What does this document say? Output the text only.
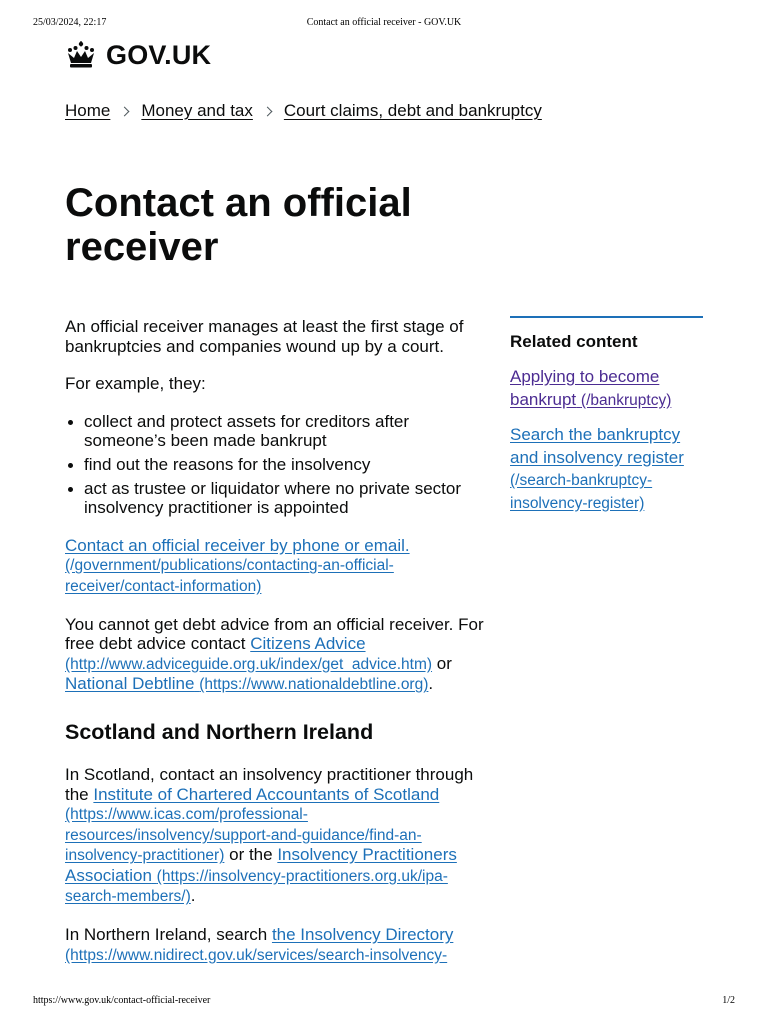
25/03/2024, 22:17	Contact an official receiver - GOV.UK
GOV.UK
Home Money and tax Court claims, debt and bankruptcy
Contact an official receiver

An official receiver manages at least the first stage of bankruptcies and companies wound up by a court.

For example, they:

collect and protect assets for creditors after someone’s been made bankrupt
find out the reasons for the insolvency
act as trustee or liquidator where no private sector insolvency practitioner is appointed

Contact an official receiver by phone or email.
(/government/publications/contacting-an-official-receiver/contact-information)

You cannot get debt advice from an official receiver. For free debt advice contact Citizens Advice (http://www.adviceguide.org.uk/index/get_advice.htm) or National Debtline (https://www.nationaldebtline.org).

Scotland and Northern Ireland

In Scotland, contact an insolvency practitioner through the Institute of Chartered Accountants of Scotland (https://www.icas.com/professional-resources/insolvency/support-and-guidance/find-an-insolvency-practitioner) or the Insolvency Practitioners Association (https://insolvency-practitioners.org.uk/ipa-search-members/).

In Northern Ireland, search the Insolvency Directory (https://www.nidirect.gov.uk/services/search-insolvency-

Related content
Applying to become bankrupt (/bankruptcy)
Search the bankruptcy and insolvency register
(/search-bankruptcy-insolvency-register)
https://www.gov.uk/contact-official-receiver	1/2
